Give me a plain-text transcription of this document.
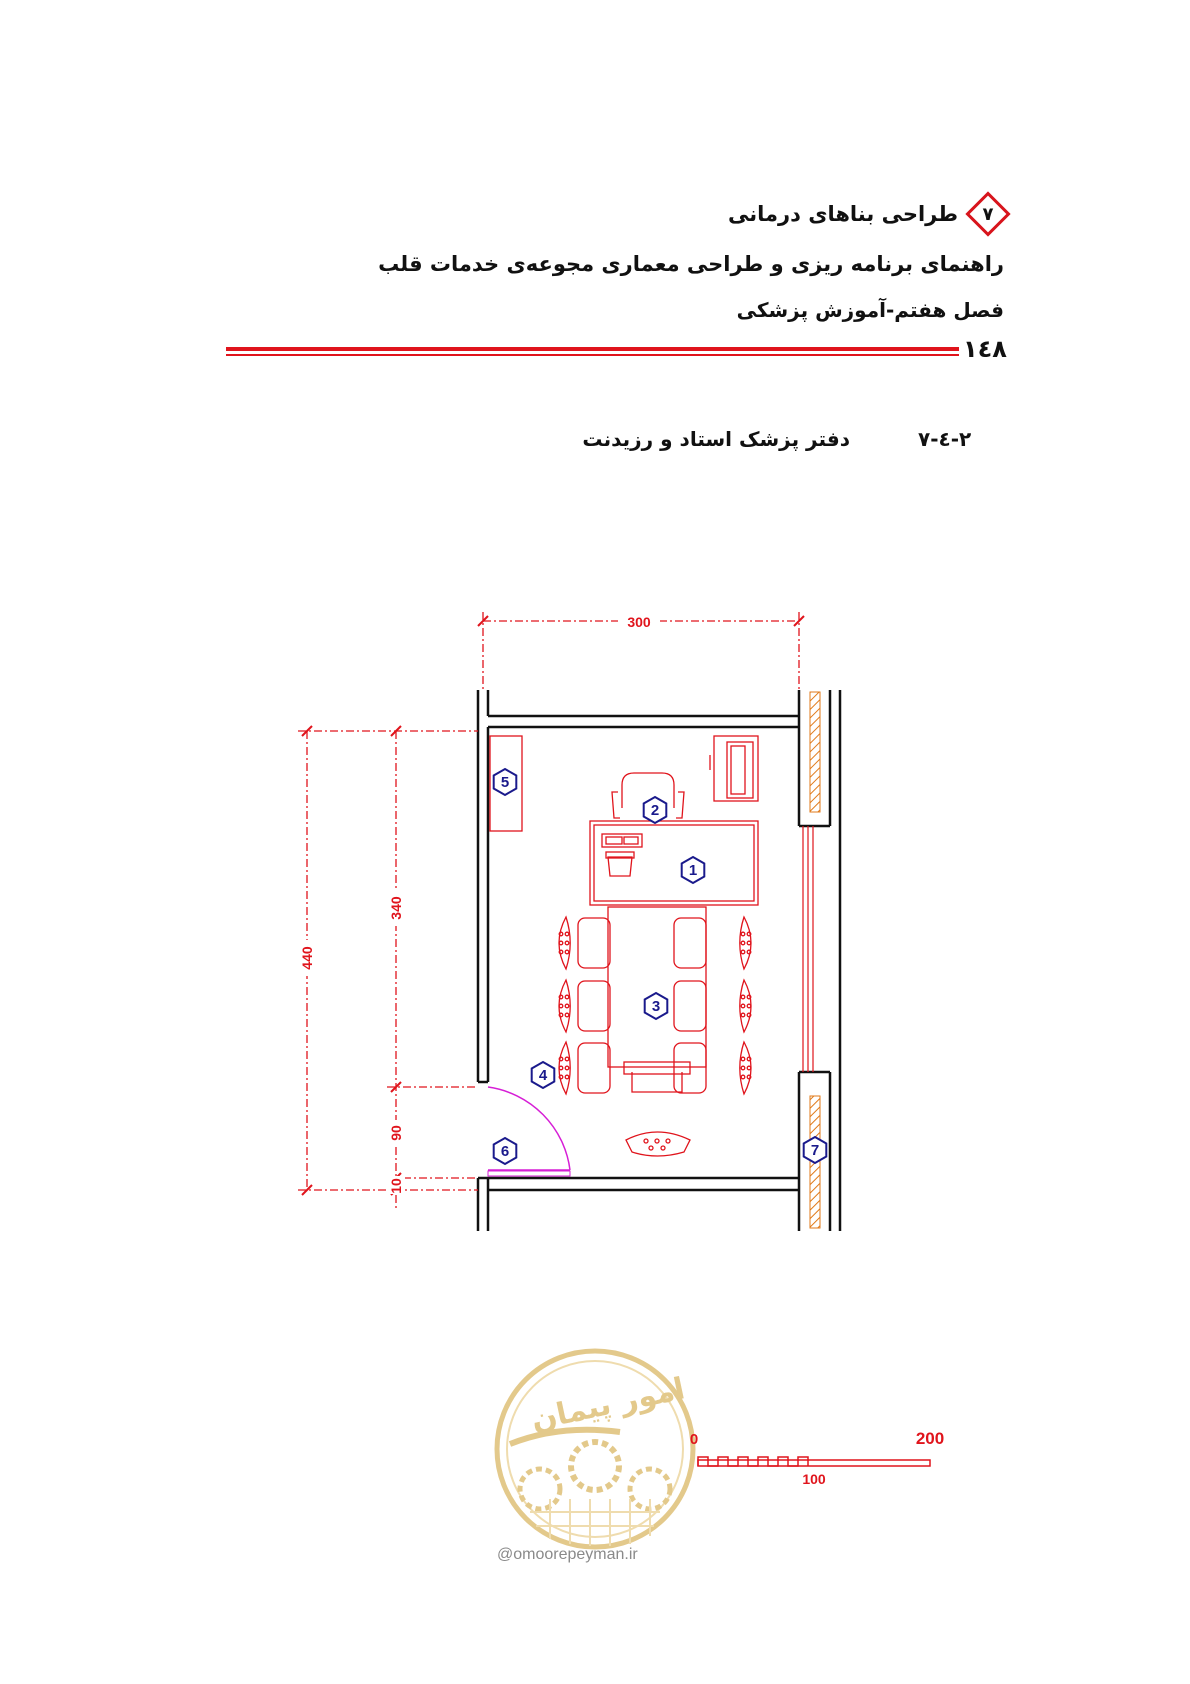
۷
طراحی بناهای درمانی
راهنمای برنامه ریزی و طراحی معماری مجوعه‌ی خدمات قلب
فصل هفتم-آموزش پزشکی
۱٤۸
۷-٤-۲
دفتر پزشک استاد و رزیدنت
300
440
340
90
10
1
2
3
4
5
6	7
امور پیمان
@omoorepeyman.ir
0	200
100
